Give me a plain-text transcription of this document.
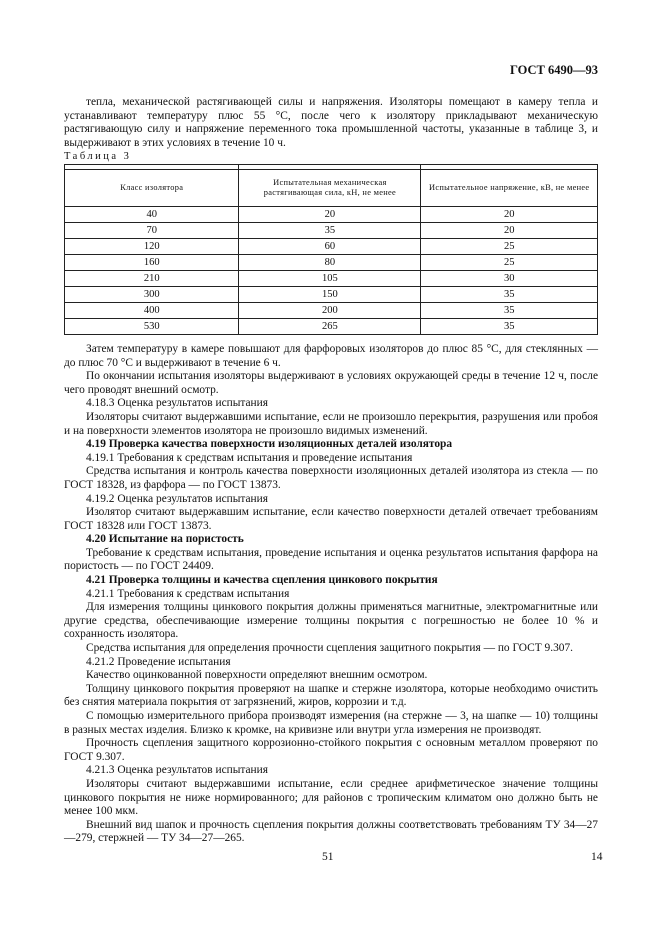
ГОСТ 6490—93

тепла, механической растягивающей силы и напряжения. Изоляторы помещают в камеру тепла и устанавливают температуру плюс 55 °С, после чего к изолятору прикладывают механическую растягивающую силу и напряжение переменного тока промышленной частоты, указанные в таблице 3, и выдерживают в этих условиях в течение 10 ч.

Таблица 3

Класс изолятора	Испытательная механическая растягивающая сила, кН, не менее	Испытательное напряжение, кВ, не менее
40	20	20
70	35	20
120	60	25
160	80	25
210	105	30
300	150	35
400	200	35
530	265	35

Затем температуру в камере повышают для фарфоровых изоляторов до плюс 85 °С, для стеклянных — до плюс 70 °С и выдерживают в течение 6 ч.

По окончании испытания изоляторы выдерживают в условиях окружающей среды в течение 12 ч, после чего проводят внешний осмотр.

4.18.3 Оценка результатов испытания

Изоляторы считают выдержавшими испытание, если не произошло перекрытия, разрушения или пробоя и на поверхности элементов изолятора не произошло видимых изменений.

4.19 Проверка качества поверхности изоляционных деталей изолятора

4.19.1 Требования к средствам испытания и проведение испытания

Средства испытания и контроль качества поверхности изоляционных деталей изолятора из стекла — по ГОСТ 18328, из фарфора — по ГОСТ 13873.

4.19.2 Оценка результатов испытания

Изолятор считают выдержавшим испытание, если качество поверхности деталей отвечает требованиям ГОСТ 18328 или ГОСТ 13873.

4.20 Испытание на пористость

Требование к средствам испытания, проведение испытания и оценка результатов испытания фарфора на пористость — по ГОСТ 24409.

4.21 Проверка толщины и качества сцепления цинкового покрытия

4.21.1 Требования к средствам испытания

Для измерения толщины цинкового покрытия должны применяться магнитные, электромагнитные или другие средства, обеспечивающие измерение толщины покрытия с погрешностью не более 10 % и сохранность изолятора.

Средства испытания для определения прочности сцепления защитного покрытия — по ГОСТ 9.307.

4.21.2 Проведение испытания

Качество оцинкованной поверхности определяют внешним осмотром.

Толщину цинкового покрытия проверяют на шапке и стержне изолятора, которые необходимо очистить без снятия материала покрытия от загрязнений, жиров, коррозии и т.д.

С помощью измерительного прибора производят измерения (на стержне — 3, на шапке — 10) толщины в разных местах изделия. Близко к кромке, на кривизне или внутри угла измерения не производят.

Прочность сцепления защитного коррозионно-стойкого покрытия с основным металлом проверяют по ГОСТ 9.307.

4.21.3 Оценка результатов испытания

Изоляторы считают выдержавшими испытание, если среднее арифметическое значение толщины цинкового покрытия не ниже нормированного; для районов с тропическим климатом оно должно быть не менее 100 мкм.

Внешний вид шапок и прочность сцепления покрытия должны соответствовать требованиям ТУ 34—27—279, стержней — ТУ 34—27—265.

51	14
